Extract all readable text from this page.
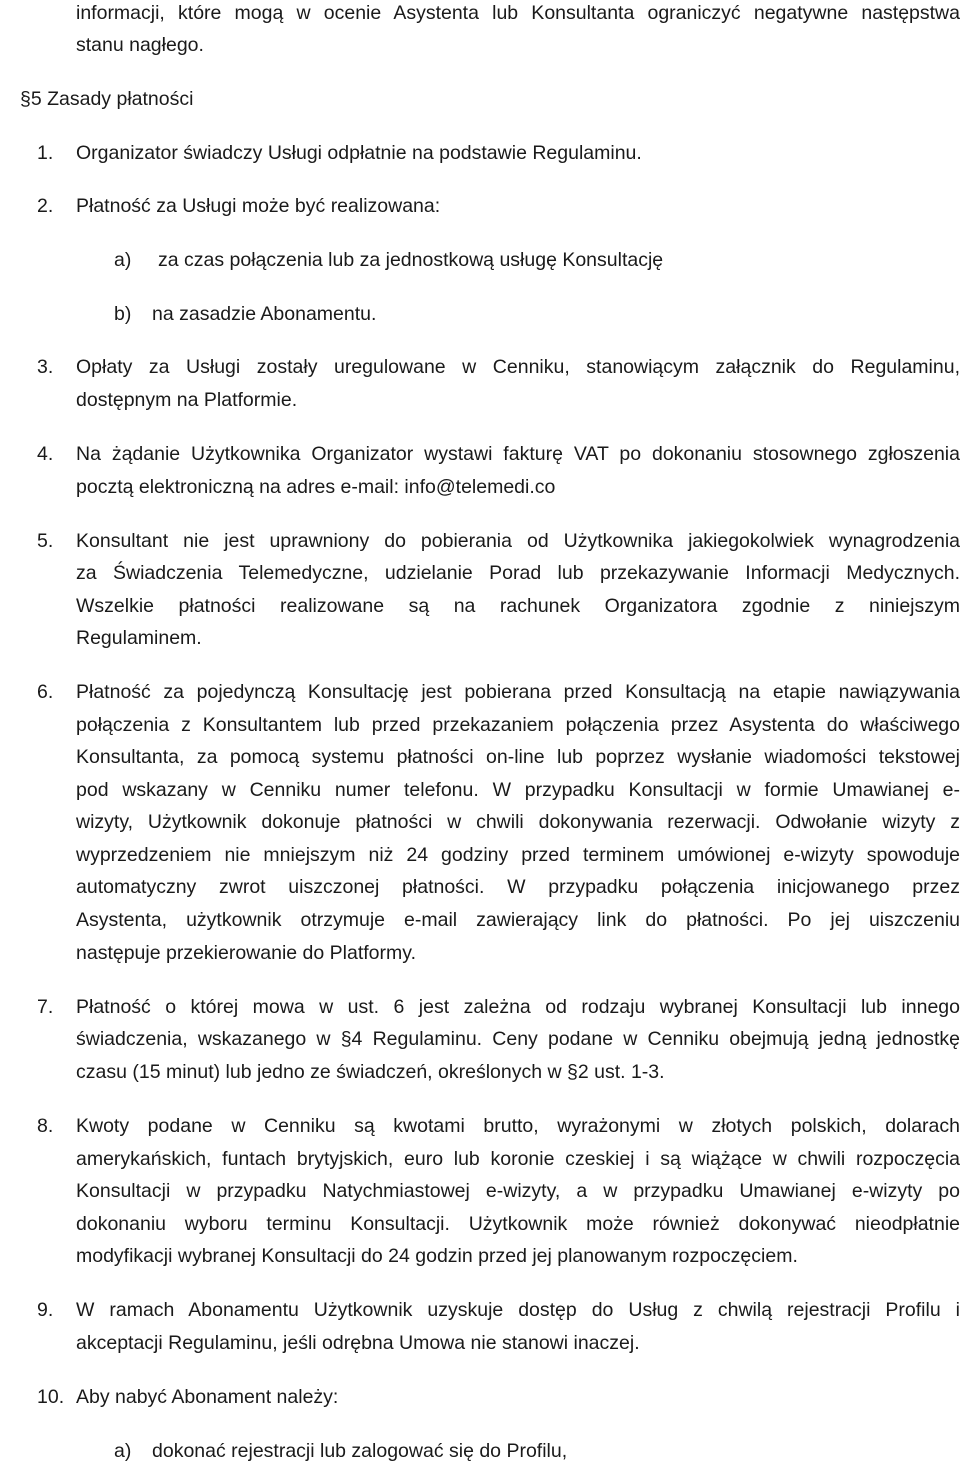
informacji, które mogą w ocenie Asystenta lub Konsultanta ograniczyć negatywne następstwa
stanu nagłego.
§5 Zasady płatności
1. Organizator świadczy Usługi odpłatnie na podstawie Regulaminu.
2. Płatność za Usługi może być realizowana:
a) za czas połączenia lub za jednostkową usługę Konsultację
b) na zasadzie Abonamentu.
3. Opłaty za Usługi zostały uregulowane w Cenniku, stanowiącym załącznik do Regulaminu,
dostępnym na Platformie.
4. Na żądanie Użytkownika Organizator wystawi fakturę VAT po dokonaniu stosownego zgłoszenia
pocztą elektroniczną na adres e-mail: info@telemedi.co
5. Konsultant nie jest uprawniony do pobierania od Użytkownika jakiegokolwiek wynagrodzenia
za Świadczenia Telemedyczne, udzielanie Porad lub przekazywanie Informacji Medycznych.
Wszelkie płatności realizowane są na rachunek Organizatora zgodnie z niniejszym
Regulaminem.
6. Płatność za pojedynczą Konsultację jest pobierana przed Konsultacją na etapie nawiązywania
połączenia z Konsultantem lub przed przekazaniem połączenia przez Asystenta do właściwego
Konsultanta, za pomocą systemu płatności on-line lub poprzez wysłanie wiadomości tekstowej
pod wskazany w Cenniku numer telefonu. W przypadku Konsultacji w formie Umawianej e-
wizyty, Użytkownik dokonuje płatności w chwili dokonywania rezerwacji. Odwołanie wizyty z
wyprzedzeniem nie mniejszym niż 24 godziny przed terminem umówionej e-wizyty spowoduje
automatyczny zwrot uiszczonej płatności. W przypadku połączenia inicjowanego przez
Asystenta, użytkownik otrzymuje e-mail zawierający link do płatności. Po jej uiszczeniu
następuje przekierowanie do Platformy.
7. Płatność o której mowa w ust. 6 jest zależna od rodzaju wybranej Konsultacji lub innego
świadczenia, wskazanego w §4 Regulaminu. Ceny podane w Cenniku obejmują jedną jednostkę
czasu (15 minut) lub jedno ze świadczeń, określonych w §2 ust. 1-3.
8. Kwoty podane w Cenniku są kwotami brutto, wyrażonymi w złotych polskich, dolarach
amerykańskich, funtach brytyjskich, euro lub koronie czeskiej i są wiążące w chwili rozpoczęcia
Konsultacji w przypadku Natychmiastowej e-wizyty, a w przypadku Umawianej e-wizyty po
dokonaniu wyboru terminu Konsultacji. Użytkownik może również dokonywać nieodpłatnie
modyfikacji wybranej Konsultacji do 24 godzin przed jej planowanym rozpoczęciem.
9. W ramach Abonamentu Użytkownik uzyskuje dostęp do Usług z chwilą rejestracji Profilu i
akceptacji Regulaminu, jeśli odrębna Umowa nie stanowi inaczej.
10. Aby nabyć Abonament należy:
a) dokonać rejestracji lub zalogować się do Profilu,
